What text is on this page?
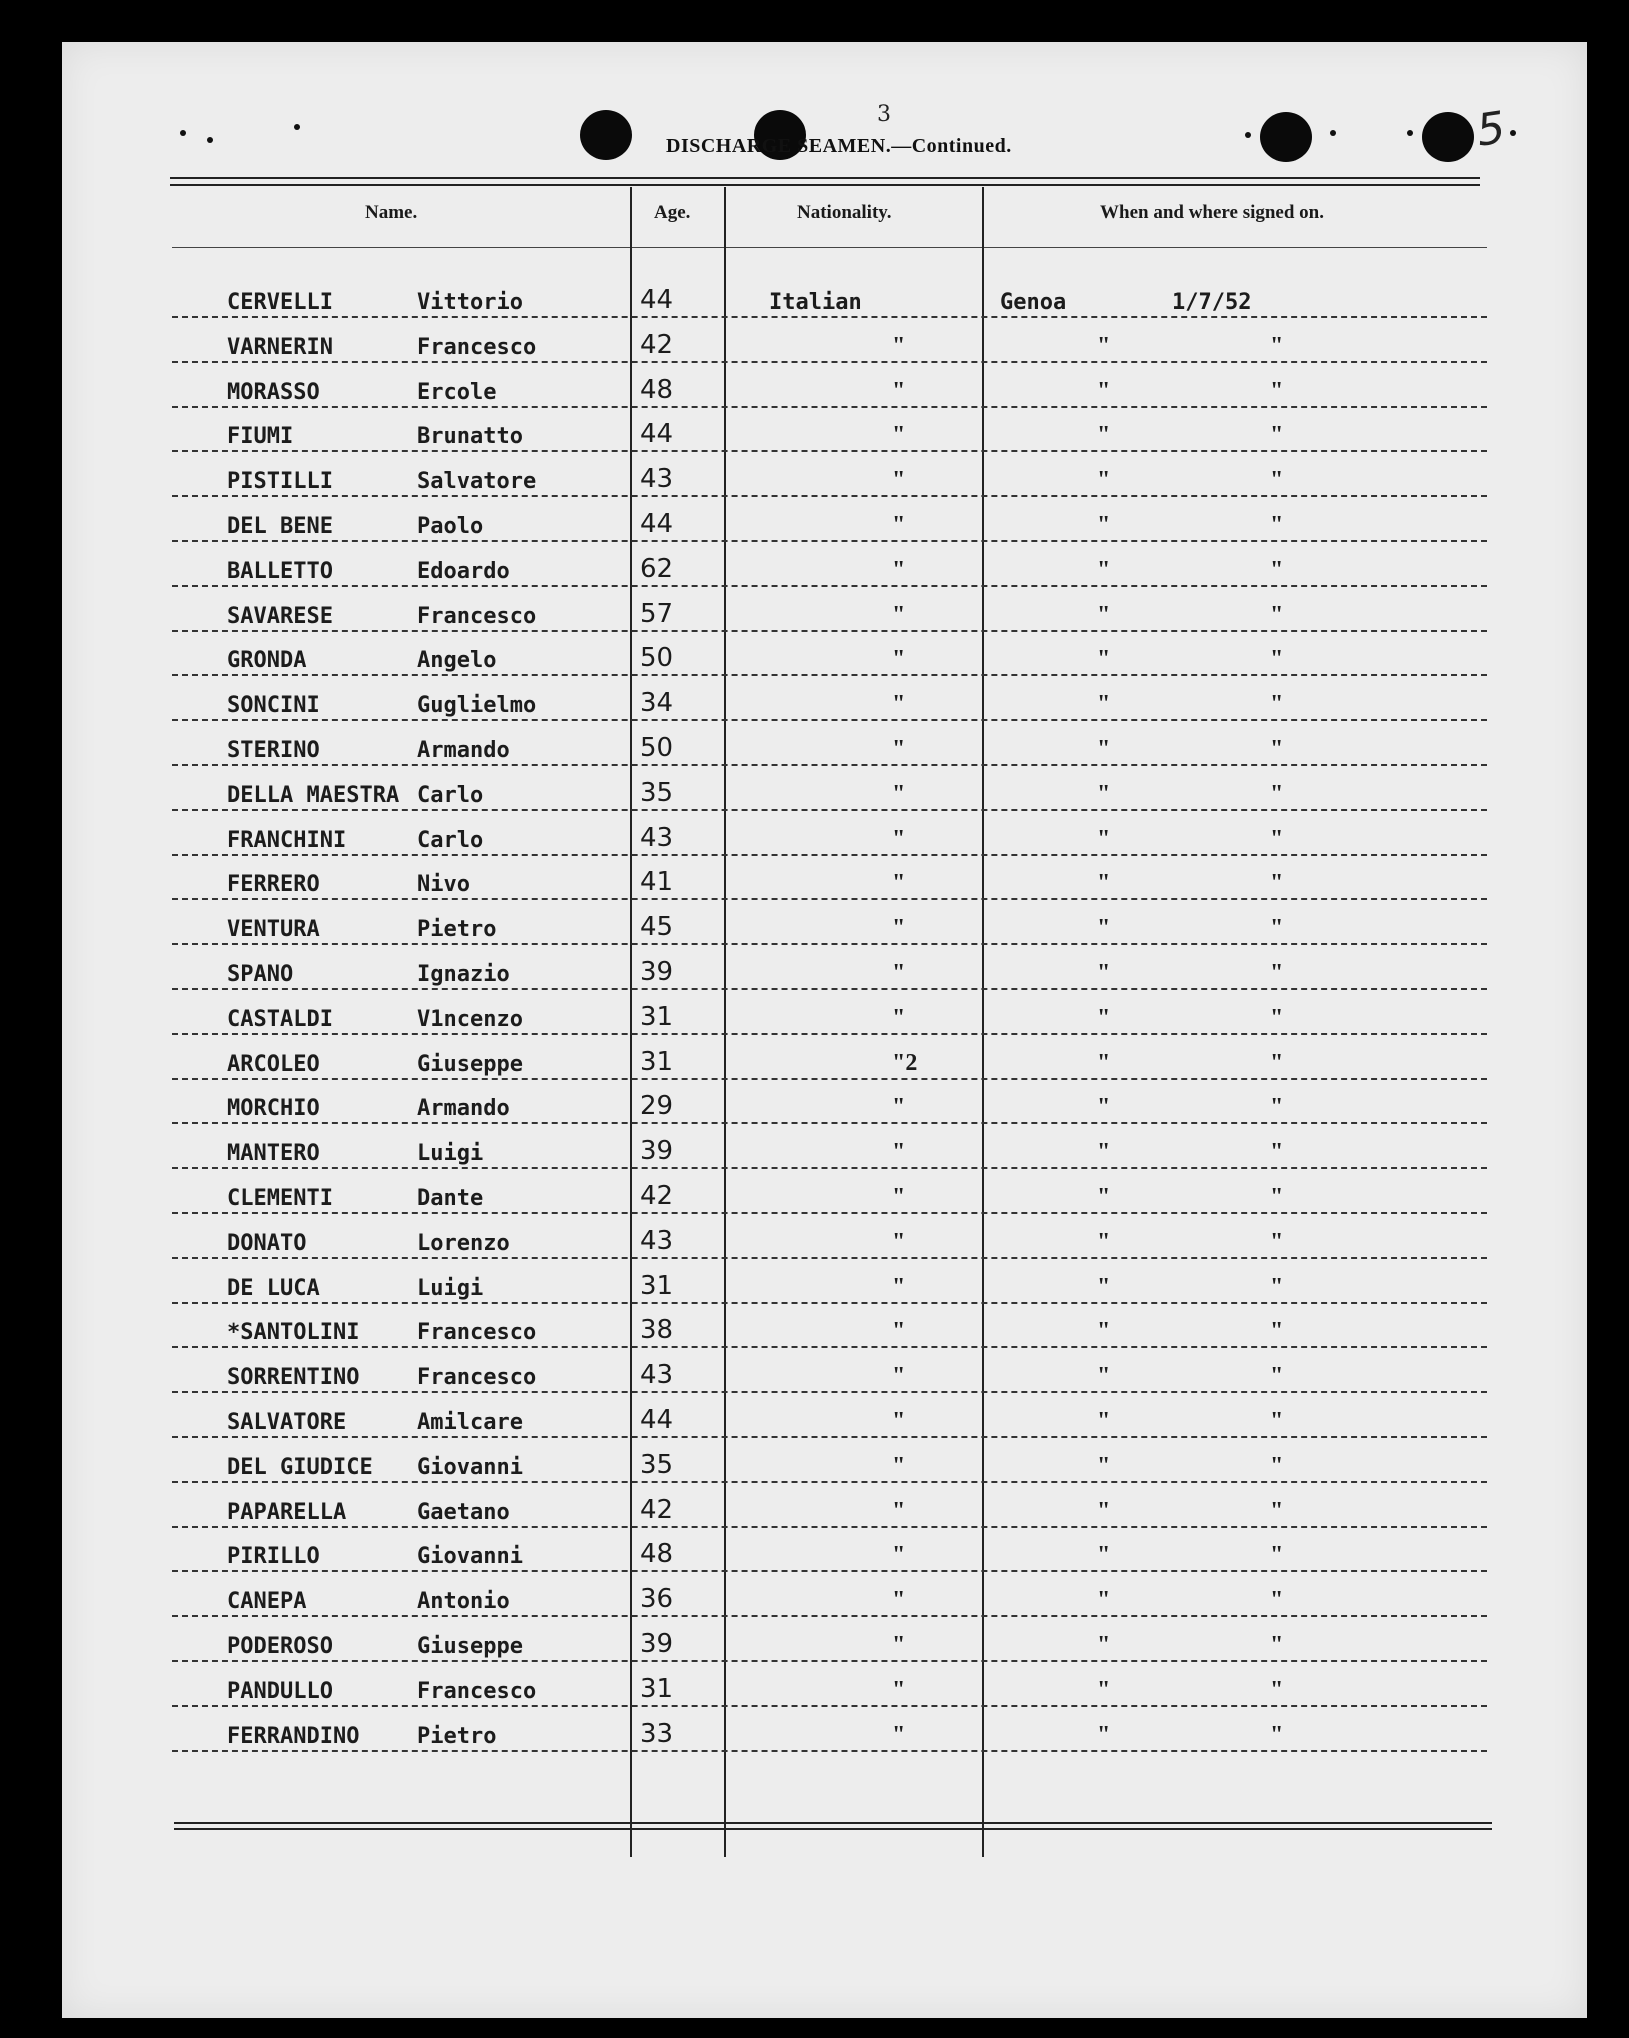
3
DISCHARGE SEAMEN.—Continued.	5
Name.	Age.	Nationality.	When and where signed on.
CERVELLI	Vittorio	44	Italian	Genoa	1/7/52
VARNERIN	Francesco	42	"	"	"
MORASSO	Ercole	48	"	"	"
FIUMI	Brunatto	44	"	"	"
PISTILLI	Salvatore	43	"	"	"
DEL BENE	Paolo	44	"	"	"
BALLETTO	Edoardo	62	"	"	"
SAVARESE	Francesco	57	"	"	"
GRONDA	Angelo	50	"	"	"
SONCINI	Guglielmo	34	"	"	"
STERINO	Armando	50	"	"	"
DELLA MAESTRA Carlo	35	"	"	"
FRANCHINI	Carlo	43	"	"	"
FERRERO	Nivo	41	"	"	"
VENTURA	Pietro	45	"	"	"
SPANO	Ignazio	39	"	"	"
CASTALDI	V1ncenzo	31	"	"	"
ARCOLEO	Giuseppe	31	"2	"	"
MORCHIO	Armando	29	"	"	"
MANTERO	Luigi	39	"	"	"
CLEMENTI	Dante	42	"	"	"
DONATO	Lorenzo	43	"	"	"
DE LUCA	Luigi	31	"	"	"
*SANTOLINI	Francesco	38	"	"	"
SORRENTINO	Francesco	43	"	"	"
SALVATORE	Amilcare	44	"	"	"
DEL GIUDICE Giovanni	35	"	"	"
PAPARELLA	Gaetano	42	"	"	"
PIRILLO	Giovanni	48	"	"	"
CANEPA	Antonio	36	"	"	"
PODEROSO	Giuseppe	39	"	"	"
PANDULLO	Francesco	31	"	"	"
FERRANDINO	Pietro	33	"	"	"
